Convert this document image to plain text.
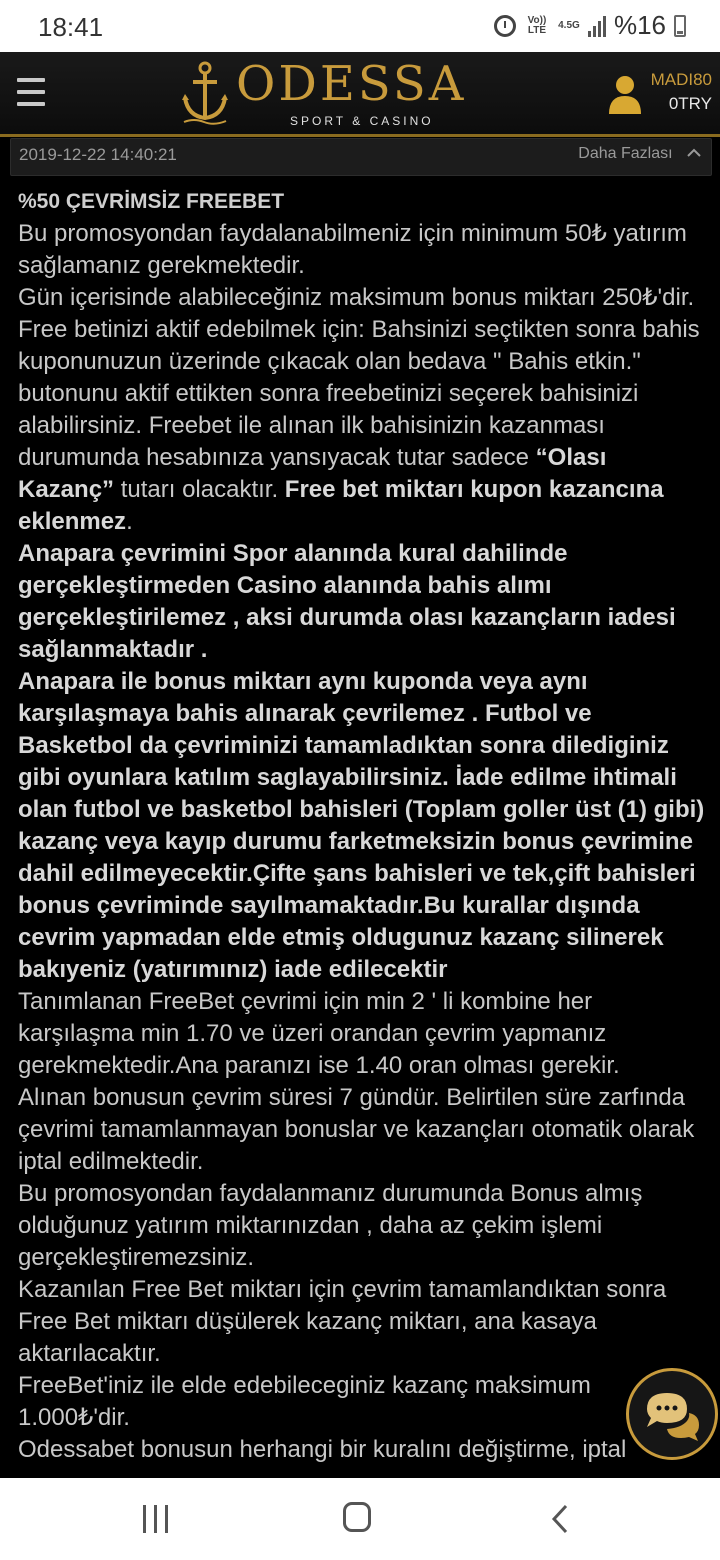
18:41	Vo)) LTE	4.5G %16
ODESSA
SPORT & CASINO
MADI80
0TRY
2019-12-22 14:40:21	Daha Fazlası

%50 ÇEVRİMSİZ FREEBET

Bu promosyondan faydalanabilmeniz için minimum 50₺ yatırım sağlamanız gerekmektedir.

Gün içerisinde alabileceğiniz maksimum bonus miktarı 250₺'dir.

Free betinizi aktif edebilmek için: Bahsinizi seçtikten sonra bahis kuponunuzun üzerinde çıkacak olan bedava " Bahis etkin." butonunu aktif ettikten sonra freebetinizi seçerek bahisinizi alabilirsiniz. Freebet ile alınan ilk bahisinizin kazanması durumunda hesabınıza yansıyacak tutar sadece “Olası Kazanç” tutarı olacaktır. Free bet miktarı kupon kazancına eklenmez.

Anapara çevrimini Spor alanında kural dahilinde gerçekleştirmeden Casino alanında bahis alımı gerçekleştirilemez , aksi durumda olası kazançların iadesi sağlanmaktadır .

Anapara ile bonus miktarı aynı kuponda veya aynı karşılaşmaya bahis alınarak çevrilemez . Futbol ve Basketbol da çevriminizi tamamladıktan sonra dilediginiz gibi oyunlara katılım saglayabilirsiniz. İade edilme ihtimali olan futbol ve basketbol bahisleri (Toplam goller üst (1) gibi) kazanç veya kayıp durumu farketmeksizin bonus çevrimine dahil edilmeyecektir.Çifte şans bahisleri ve tek,çift bahisleri bonus çevriminde sayılmamaktadır.Bu kurallar dışında cevrim yapmadan elde etmiş oldugunuz kazanç silinerek bakıyeniz (yatırımınız) iade edilecektir

Tanımlanan FreeBet çevrimi için min 2 ' li kombine her karşılaşma min 1.70 ve üzeri orandan çevrim yapmanız gerekmektedir.Ana paranızı ise 1.40 oran olması gerekir.

Alınan bonusun çevrim süresi 7 gündür. Belirtilen süre zarfında çevrimi tamamlanmayan bonuslar ve kazançları otomatik olarak iptal edilmektedir.

Bu promosyondan faydalanmanız durumunda Bonus almış olduğunuz yatırım miktarınızdan , daha az çekim işlemi gerçekleştiremezsiniz.

Kazanılan Free Bet miktarı için çevrim tamamlandıktan sonra Free Bet miktarı düşülerek kazanç miktarı, ana kasaya aktarılacaktır.

FreeBet'iniz ile elde edebileceginiz kazanç maksimum 1.000₺'dir.

Odessabet bonusun herhangi bir kuralını değiştirme, iptal
